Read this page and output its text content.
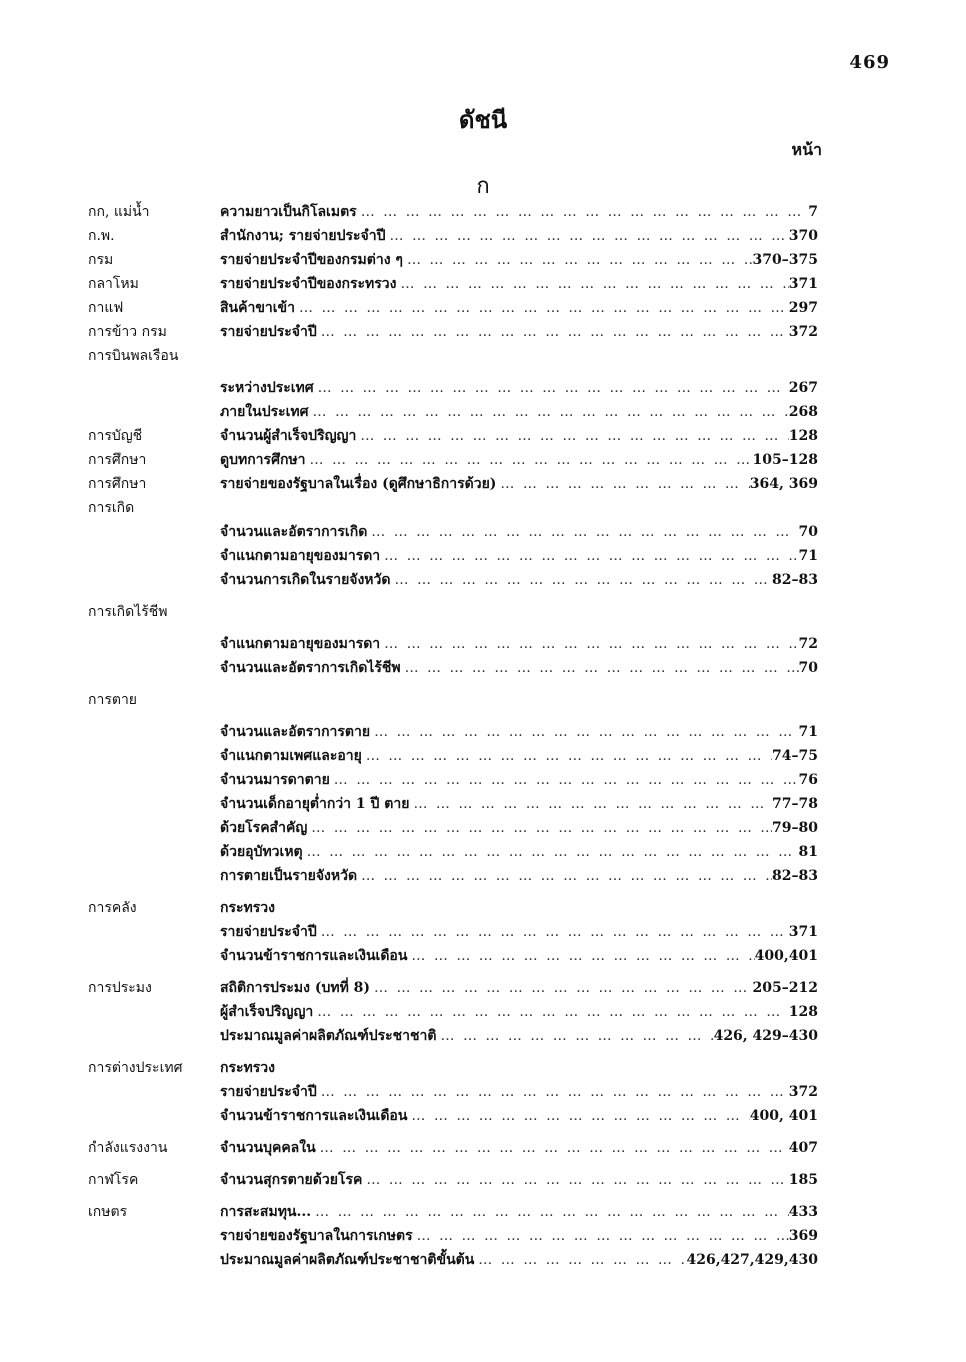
469
ดัชนี
หน้า
ก
กก, แม่น้ำ	ความยาวเป็นกิโลเมตร … … … … … … … … … … … … … … … … … … … … … … … … … … … … … … … … … … … …	7
ก.พ.	สำนักงาน; รายจ่ายประจำปี … … … … … … … … … … … … … … … … … … … … … … … … … … … … … … … … … … … …	370
กรม	รายจ่ายประจำปีของกรมต่าง ๆ … … … … … … … … … … … … … … … … … … … … … … … … … … … … … … … … … … … …	370–375
กลาโหม	รายจ่ายประจำปีของกระทรวง … … … … … … … … … … … … … … … … … … … … … … … … … … … … … … … … … … … …	371
กาแฟ	สินค้าขาเข้า … … … … … … … … … … … … … … … … … … … … … … … … … … … … … … … … … … … …	297
การข้าว กรม	รายจ่ายประจำปี … … … … … … … … … … … … … … … … … … … … … … … … … … … … … … … … … … … …	372
การบินพลเรือน
ระหว่างประเทศ … … … … … … … … … … … … … … … … … … … … … … … … … … … … … … … … … … … …	267
ภายในประเทศ … … … … … … … … … … … … … … … … … … … … … … … … … … … … … … … … … … … …	268
การบัญชี	จำนวนผู้สำเร็จปริญญา … … … … … … … … … … … … … … … … … … … … … … … … … … … … … … … … … … … …	128
การศึกษา	ดูบทการศึกษา … … … … … … … … … … … … … … … … … … … … … … … … … … … … … … … … … … … …	105–128
การศึกษา	รายจ่ายของรัฐบาลในเรื่อง (ดูศึกษาธิการด้วย) … … … … … … … … … … … … … … … … … … … … … … … … … … … … … … … … … … … …	364, 369
การเกิด
จำนวนและอัตราการเกิด … … … … … … … … … … … … … … … … … … … … … … … … … … … … … … … … … … … …	70
จำแนกตามอายุของมารดา … … … … … … … … … … … … … … … … … … … … … … … … … … … … … … … … … … … …	71
จำนวนการเกิดในรายจังหวัด … … … … … … … … … … … … … … … … … … … … … … … … … … … … … … … … … … … …	82–83
การเกิดไร้ชีพ
จำแนกตามอายุของมารดา … … … … … … … … … … … … … … … … … … … … … … … … … … … … … … … … … … … …	72
จำนวนและอัตราการเกิดไร้ชีพ … … … … … … … … … … … … … … … … … … … … … … … … … … … … … … … … … … … …	70
การตาย
จำนวนและอัตราการตาย … … … … … … … … … … … … … … … … … … … … … … … … … … … … … … … … … … … …	71
จำแนกตามเพศและอายุ … … … … … … … … … … … … … … … … … … … … … … … … … … … … … … … … … … … …	74–75
จำนวนมารดาตาย … … … … … … … … … … … … … … … … … … … … … … … … … … … … … … … … … … … …	76
จำนวนเด็กอายุต่ำกว่า 1 ปี ตาย … … … … … … … … … … … … … … … … … … … … … … … … … … … … … … … … … … … …	77–78
ด้วยโรคสำคัญ … … … … … … … … … … … … … … … … … … … … … … … … … … … … … … … … … … … …	79–80
ด้วยอุบัทวเหตุ … … … … … … … … … … … … … … … … … … … … … … … … … … … … … … … … … … … …	81
การตายเป็นรายจังหวัด … … … … … … … … … … … … … … … … … … … … … … … … … … … … … … … … … … … …	82–83
การคลัง	กระทรวง
รายจ่ายประจำปี … … … … … … … … … … … … … … … … … … … … … … … … … … … … … … … … … … … …	371
จำนวนข้าราชการและเงินเดือน … … … … … … … … … … … … … … … … … … … … … … … … … … … … … … … … … … … …	400,401
การประมง	สถิติการประมง (บทที่ 8) … … … … … … … … … … … … … … … … … … … … … … … … … … … … … … … … … … … …	205–212
ผู้สำเร็จปริญญา … … … … … … … … … … … … … … … … … … … … … … … … … … … … … … … … … … … …	128
ประมาณมูลค่าผลิตภัณฑ์ประชาชาติ … … … … … … … … … … … … … … … … … … … … … … … … … … … … … … … … … … … …	426, 429–430
การต่างประเทศ	กระทรวง
รายจ่ายประจำปี … … … … … … … … … … … … … … … … … … … … … … … … … … … … … … … … … … … …	372
จำนวนข้าราชการและเงินเดือน … … … … … … … … … … … … … … … … … … … … … … … … … … … … … … … … … … … …	400, 401
กำลังแรงงาน	จำนวนบุคคลใน … … … … … … … … … … … … … … … … … … … … … … … … … … … … … … … … … … … …	407
กาฬโรค	จำนวนสุกรตายด้วยโรค … … … … … … … … … … … … … … … … … … … … … … … … … … … … … … … … … … … …	185
เกษตร	การสะสมทุน... … … … … … … … … … … … … … … … … … … … … … … … … … … … … … … … … … … … …	433
รายจ่ายของรัฐบาลในการเกษตร … … … … … … … … … … … … … … … … … … … … … … … … … … … … … … … … … … … …	369
ประมาณมูลค่าผลิตภัณฑ์ประชาชาติขั้นต้น … … … … … … … … … … … … … … … … … … … … … … … … … … … … … … … … … … … …	426,427,429,430
